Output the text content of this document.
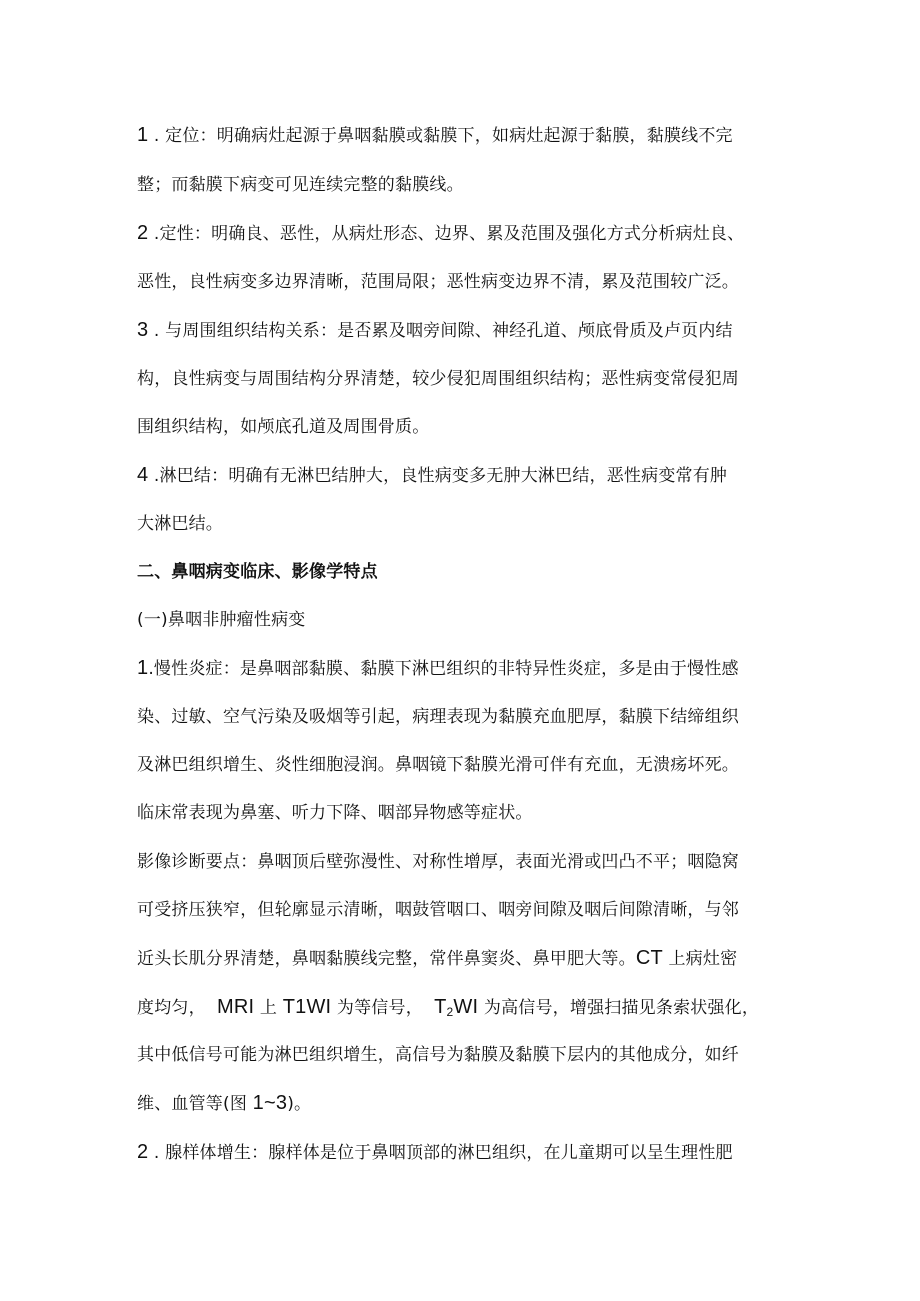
1 . 定位：明确病灶起源于鼻咽黏膜或黏膜下，如病灶起源于黏膜，黏膜线不完
整；而黏膜下病变可见连续完整的黏膜线。
2 .定性：明确良、恶性，从病灶形态、边界、累及范围及强化方式分析病灶良、
恶性，良性病变多边界清晰，范围局限；恶性病变边界不清，累及范围较广泛。
3 . 与周围组织结构关系：是否累及咽旁间隙、神经孔道、颅底骨质及卢页内结
构，良性病变与周围结构分界清楚，较少侵犯周围组织结构；恶性病变常侵犯周
围组织结构，如颅底孔道及周围骨质。
4 .淋巴结：明确有无淋巴结肿大，良性病变多无肿大淋巴结，恶性病变常有肿
大淋巴结。
二、鼻咽病变临床、影像学特点
(一)鼻咽非肿瘤性病变
1.慢性炎症：是鼻咽部黏膜、黏膜下淋巴组织的非特异性炎症，多是由于慢性感
染、过敏、空气污染及吸烟等引起，病理表现为黏膜充血肥厚，黏膜下结缔组织
及淋巴组织增生、炎性细胞浸润。鼻咽镜下黏膜光滑可伴有充血，无溃疡坏死。
临床常表现为鼻塞、听力下降、咽部异物感等症状。
影像诊断要点：鼻咽顶后壁弥漫性、对称性增厚，表面光滑或凹凸不平；咽隐窝
可受挤压狭窄，但轮廓显示清晰，咽鼓管咽口、咽旁间隙及咽后间隙清晰，与邻
近头长肌分界清楚，鼻咽黏膜线完整，常伴鼻窦炎、鼻甲肥大等。CT 上病灶密
度均匀， MRI 上 T1WI 为等信号， $T_2WI$ 为高信号，增强扫描见条索状强化，
其中低信号可能为淋巴组织增生，高信号为黏膜及黏膜下层内的其他成分，如纤
维、血管等(图 1~3)。
2 . 腺样体增生：腺样体是位于鼻咽顶部的淋巴组织，在儿童期可以呈生理性肥
